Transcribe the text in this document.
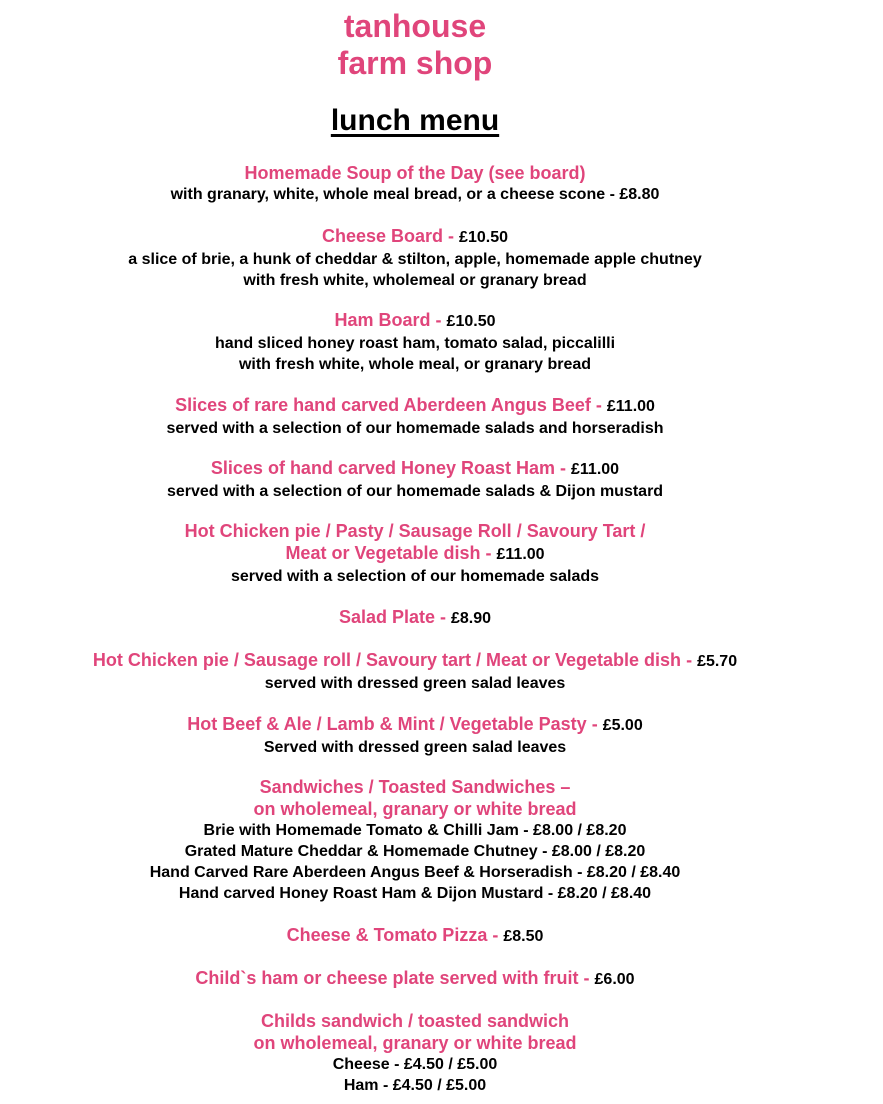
tanhouse
farm shop
lunch menu
Homemade Soup of the Day (see board)
with granary, white, whole meal bread, or a cheese scone - £8.80
Cheese Board - £10.50
a slice of brie, a hunk of cheddar & stilton, apple, homemade apple chutney
with fresh white, wholemeal or granary bread
Ham Board - £10.50
hand sliced honey roast ham, tomato salad, piccalilli
with fresh white, whole meal, or granary bread
Slices of rare hand carved Aberdeen Angus Beef - £11.00
served with a selection of our homemade salads and horseradish
Slices of hand carved Honey Roast Ham - £11.00
served with a selection of our homemade salads & Dijon mustard
Hot Chicken pie / Pasty / Sausage Roll / Savoury Tart /
Meat or Vegetable dish - £11.00
served with a selection of our homemade salads
Salad Plate - £8.90
Hot Chicken pie / Sausage roll / Savoury tart / Meat or Vegetable dish - £5.70
served with dressed green salad leaves
Hot Beef & Ale / Lamb & Mint / Vegetable Pasty - £5.00
Served with dressed green salad leaves
Sandwiches / Toasted Sandwiches –
on wholemeal, granary or white bread
Brie with Homemade Tomato & Chilli Jam - £8.00 / £8.20
Grated Mature Cheddar & Homemade Chutney - £8.00 / £8.20
Hand Carved Rare Aberdeen Angus Beef & Horseradish - £8.20 / £8.40
Hand carved Honey Roast Ham & Dijon Mustard - £8.20 / £8.40
Cheese & Tomato Pizza - £8.50
Child`s ham or cheese plate served with fruit - £6.00
Childs sandwich / toasted sandwich
on wholemeal, granary or white bread
Cheese - £4.50 / £5.00
Ham - £4.50 / £5.00
